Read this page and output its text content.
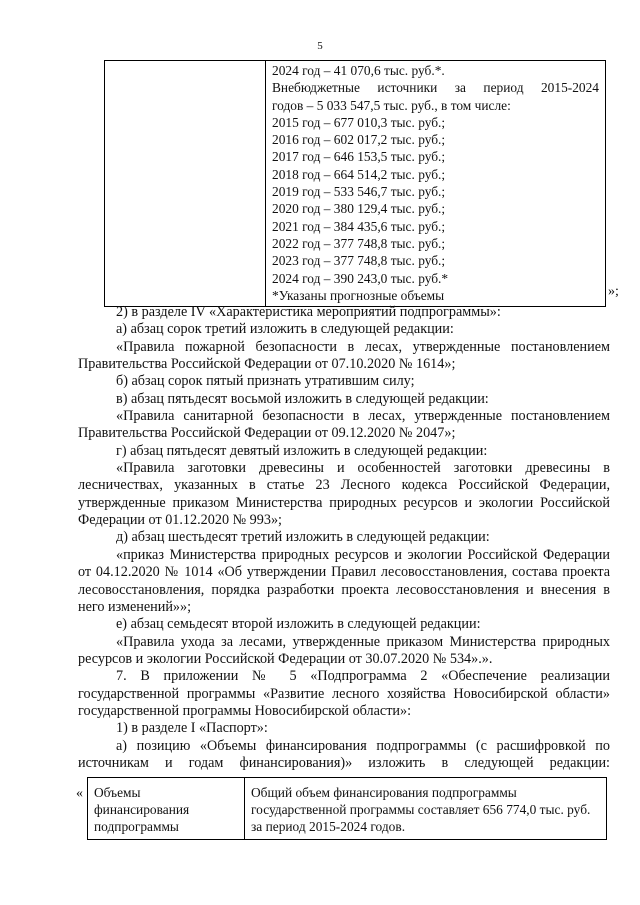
5

2024 год – 41 070,6 тыс. руб.*.
Внебюджетные источники за период 2015-2024
годов – 5 033 547,5 тыс. руб., в том числе:
2015 год – 677 010,3 тыс. руб.;
2016 год – 602 017,2 тыс. руб.;
2017 год – 646 153,5 тыс. руб.;
2018 год – 664 514,2 тыс. руб.;
2019 год – 533 546,7 тыс. руб.;
2020 год – 380 129,4 тыс. руб.;
2021 год – 384 435,6 тыс. руб.;
2022 год – 377 748,8 тыс. руб.;
2023 год – 377 748,8 тыс. руб.;
2024 год – 390 243,0 тыс. руб.*
*Указаны прогнозные объемы	»;

2) в разделе IV «Характеристика мероприятий подпрограммы»:

а) абзац сорок третий изложить в следующей редакции:

«Правила пожарной безопасности в лесах, утвержденные постановлением Правительства Российской Федерации от 07.10.2020 № 1614»;

б) абзац сорок пятый признать утратившим силу;

в) абзац пятьдесят восьмой изложить в следующей редакции:

«Правила санитарной безопасности в лесах, утвержденные постановлением Правительства Российской Федерации от 09.12.2020 № 2047»;

г) абзац пятьдесят девятый изложить в следующей редакции:

«Правила заготовки древесины и особенностей заготовки древесины в лесничествах, указанных в статье 23 Лесного кодекса Российской Федерации, утвержденные приказом Министерства природных ресурсов и экологии Российской Федерации от 01.12.2020 № 993»;

д) абзац шестьдесят третий изложить в следующей редакции:

«приказ Министерства природных ресурсов и экологии Российской Федерации от 04.12.2020 № 1014 «Об утверждении Правил лесовосстановления, состава проекта лесовосстановления, порядка разработки проекта лесовосстановления и внесения в него изменений»»;

е) абзац семьдесят второй изложить в следующей редакции:

«Правила ухода за лесами, утвержденные приказом Министерства природных ресурсов и экологии Российской Федерации от 30.07.2020 № 534».».

7. В приложении № 5 «Подпрограмма 2 «Обеспечение реализации государственной программы «Развитие лесного хозяйства Новосибирской области» государственной программы Новосибирской области»:

1) в разделе I «Паспорт»:

а) позицию «Объемы финансирования подпрограммы (с расшифровкой по источникам и годам финансирования)» изложить в следующей редакции:

« Объемы финансирования подпрограммы	Общий объем финансирования подпрограммы государственной программы составляет 656 774,0 тыс. руб. за период 2015-2024 годов.
